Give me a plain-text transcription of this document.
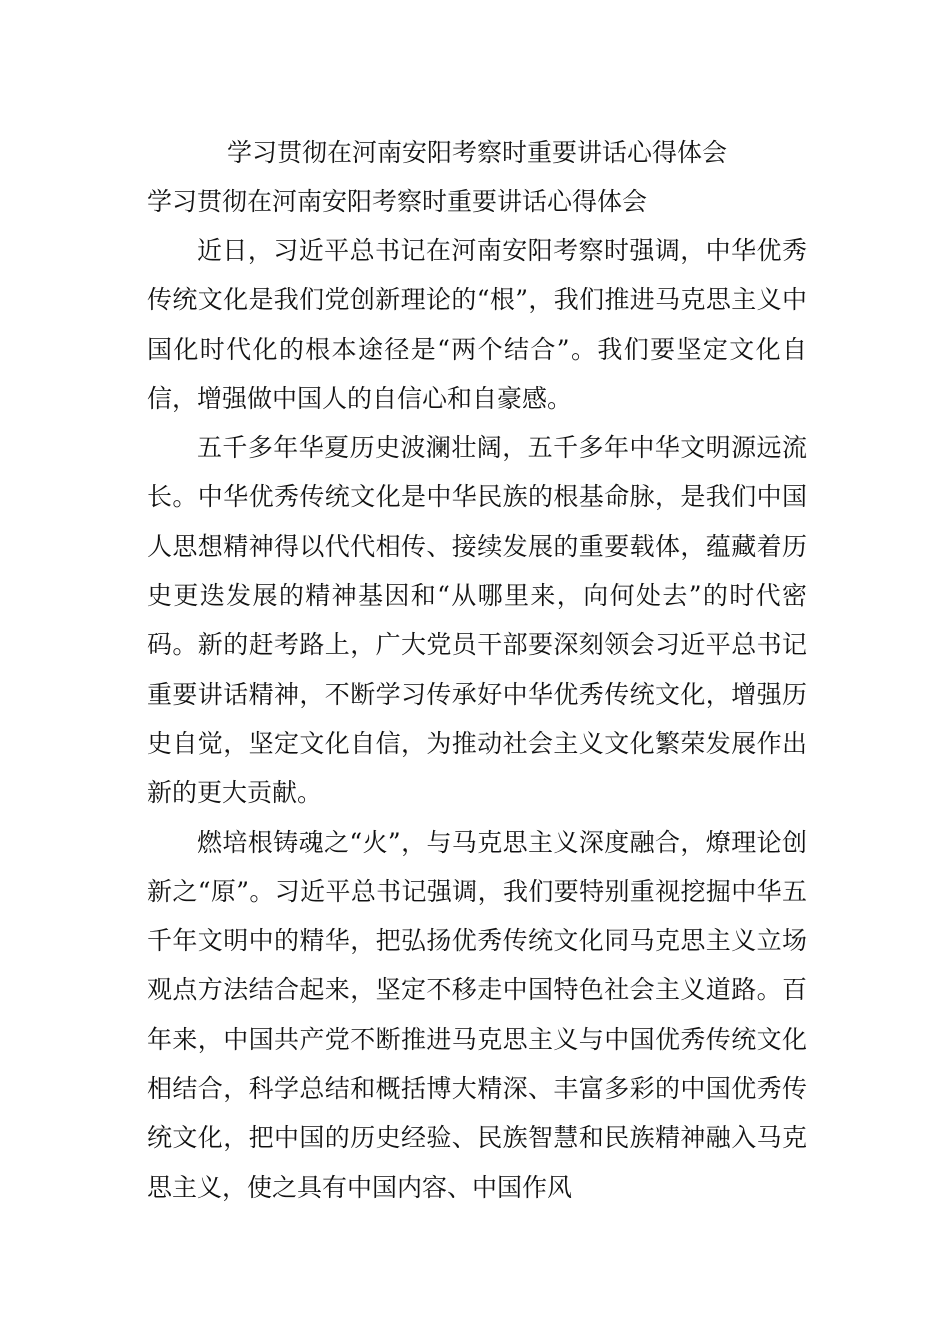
学习贯彻在河南安阳考察时重要讲话心得体会

学习贯彻在河南安阳考察时重要讲话心得体会

近日，习近平总书记在河南安阳考察时强调，中华优秀传统文化是我们党创新理论的“根”，我们推进马克思主义中国化时代化的根本途径是“两个结合”。我们要坚定文化自信，增强做中国人的自信心和自豪感。

五千多年华夏历史波澜壮阔，五千多年中华文明源远流长。中华优秀传统文化是中华民族的根基命脉，是我们中国人思想精神得以代代相传、接续发展的重要载体，蕴藏着历史更迭发展的精神基因和“从哪里来，向何处去”的时代密码。新的赶考路上，广大党员干部要深刻领会习近平总书记重要讲话精神，不断学习传承好中华优秀传统文化，增强历史自觉，坚定文化自信，为推动社会主义文化繁荣发展作出新的更大贡献。

燃培根铸魂之“火”，与马克思主义深度融合，燎理论创新之“原”。习近平总书记强调，我们要特别重视挖掘中华五千年文明中的精华，把弘扬优秀传统文化同马克思主义立场观点方法结合起来，坚定不移走中国特色社会主义道路。百年来，中国共产党不断推进马克思主义与中国优秀传统文化相结合，科学总结和概括博大精深、丰富多彩的中国优秀传统文化，把中国的历史经验、民族智慧和民族精神融入马克思主义，使之具有中国内容、中国作风
